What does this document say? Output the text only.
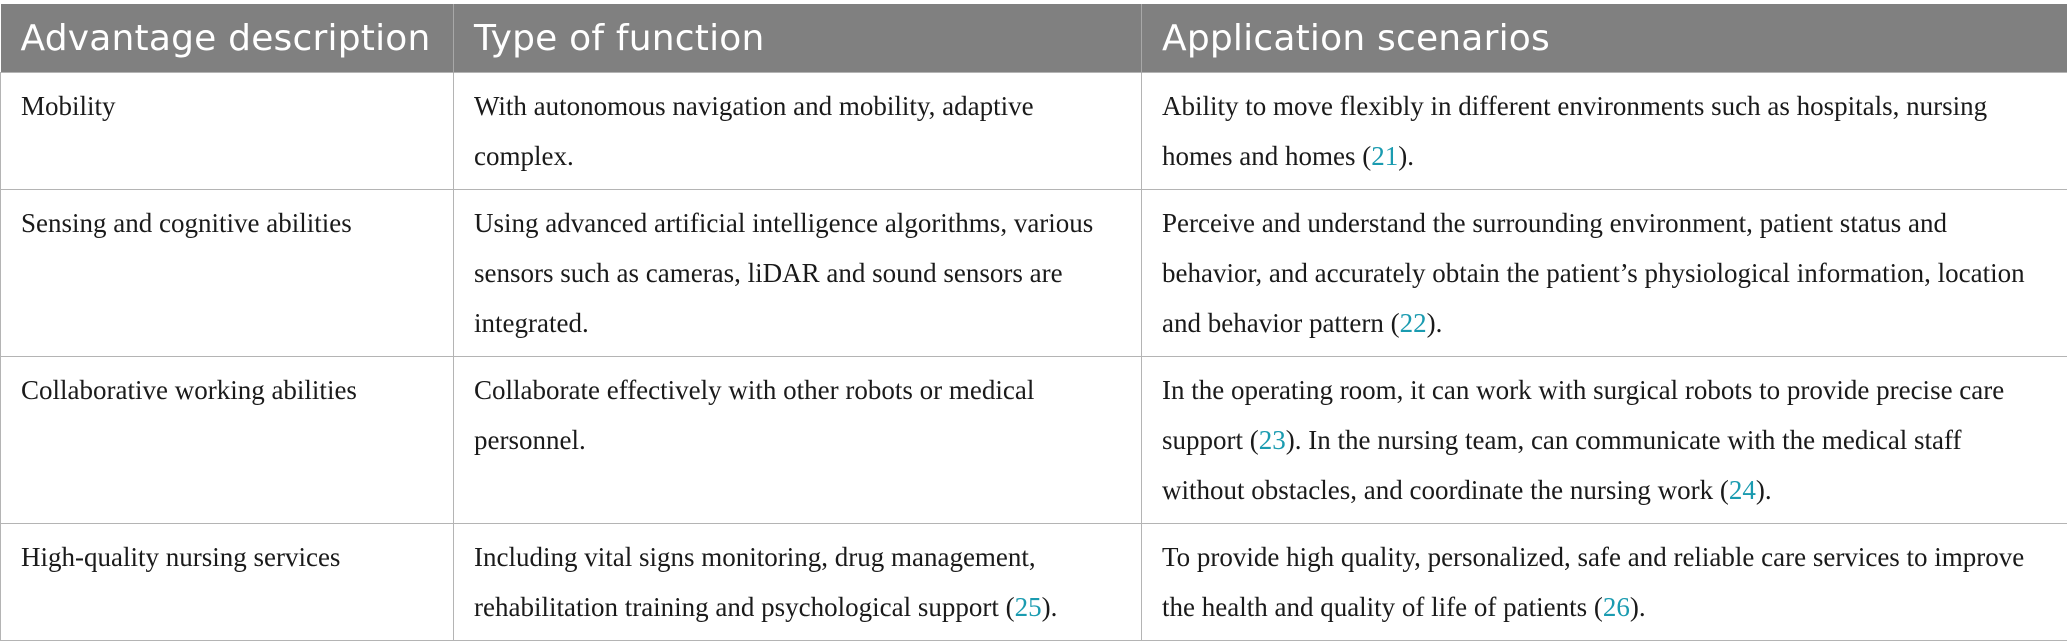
Advantage description	Type of function	Application scenarios
Mobility	With autonomous navigation and mobility, adaptive complex.	Ability to move flexibly in different environments such as hospitals, nursing homes and homes (21).
Sensing and cognitive abilities	Using advanced artificial intelligence algorithms, various sensors such as cameras, liDAR and sound sensors are integrated.	Perceive and understand the surrounding environment, patient status and behavior, and accurately obtain the patient’s physiological information, location and behavior pattern (22).
Collaborative working abilities	Collaborate effectively with other robots or medical personnel.	In the operating room, it can work with surgical robots to provide precise care support (23). In the nursing team, can communicate with the medical staff without obstacles, and coordinate the nursing work (24).
High-quality nursing services	Including vital signs monitoring, drug management, rehabilitation training and psychological support (25).	To provide high quality, personalized, safe and reliable care services to improve the health and quality of life of patients (26).
